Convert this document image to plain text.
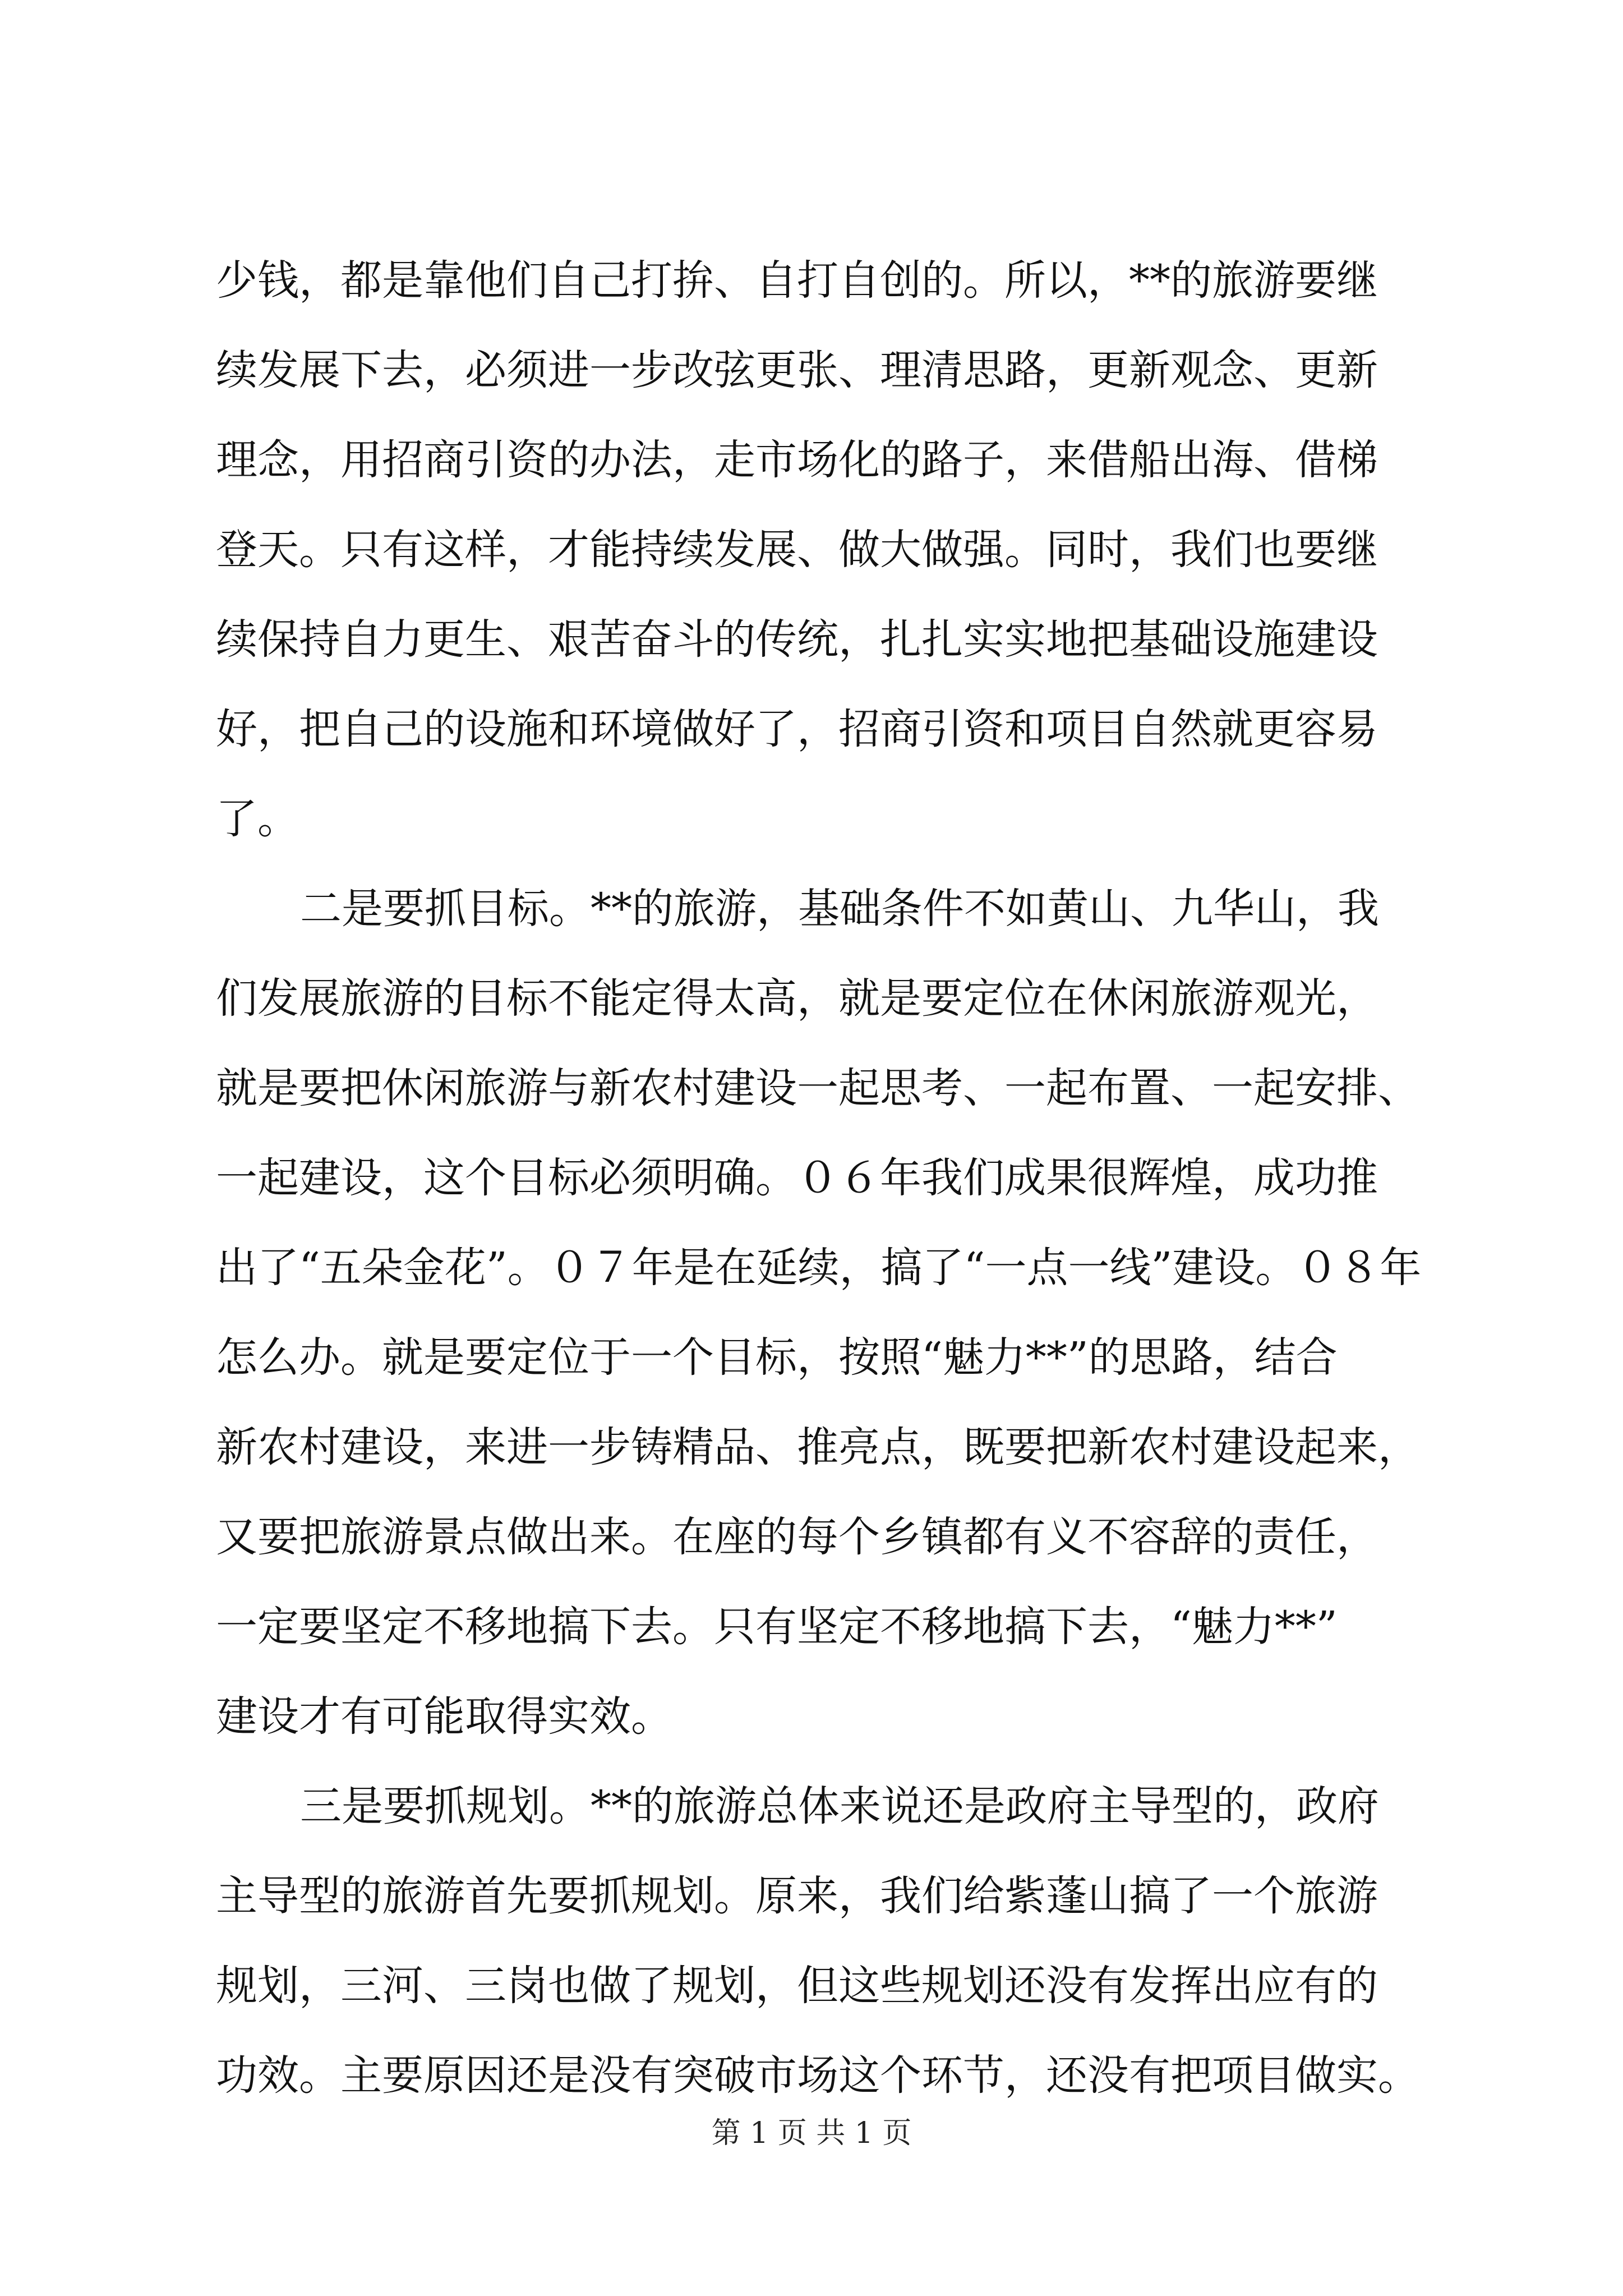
少钱，都是靠他们自己打拚、自打自创的。所以，**的旅游要继
续发展下去，必须进一步改弦更张、理清思路，更新观念、更新
理念，用招商引资的办法，走市场化的路子，来借船出海、借梯
登天。只有这样，才能持续发展、做大做强。同时，我们也要继
续保持自力更生、艰苦奋斗的传统，扎扎实实地把基础设施建设
好，把自己的设施和环境做好了，招商引资和项目自然就更容易
了。
二是要抓目标。**的旅游，基础条件不如黄山、九华山，我
们发展旅游的目标不能定得太高，就是要定位在休闲旅游观光，
就是要把休闲旅游与新农村建设一起思考、一起布置、一起安排、
一起建设，这个目标必须明确。０６年我们成果很辉煌，成功推
出了“五朵金花”。０７年是在延续，搞了“一点一线”建设。０８年
怎么办。就是要定位于一个目标，按照“魅力**”的思路，结合
新农村建设，来进一步铸精品、推亮点，既要把新农村建设起来，
又要把旅游景点做出来。在座的每个乡镇都有义不容辞的责任，
一定要坚定不移地搞下去。只有坚定不移地搞下去，“魅力**”
建设才有可能取得实效。
三是要抓规划。**的旅游总体来说还是政府主导型的，政府
主导型的旅游首先要抓规划。原来，我们给紫蓬山搞了一个旅游
规划，三河、三岗也做了规划，但这些规划还没有发挥出应有的
功效。主要原因还是没有突破市场这个环节，还没有把项目做实。
第 1 页 共 1 页
